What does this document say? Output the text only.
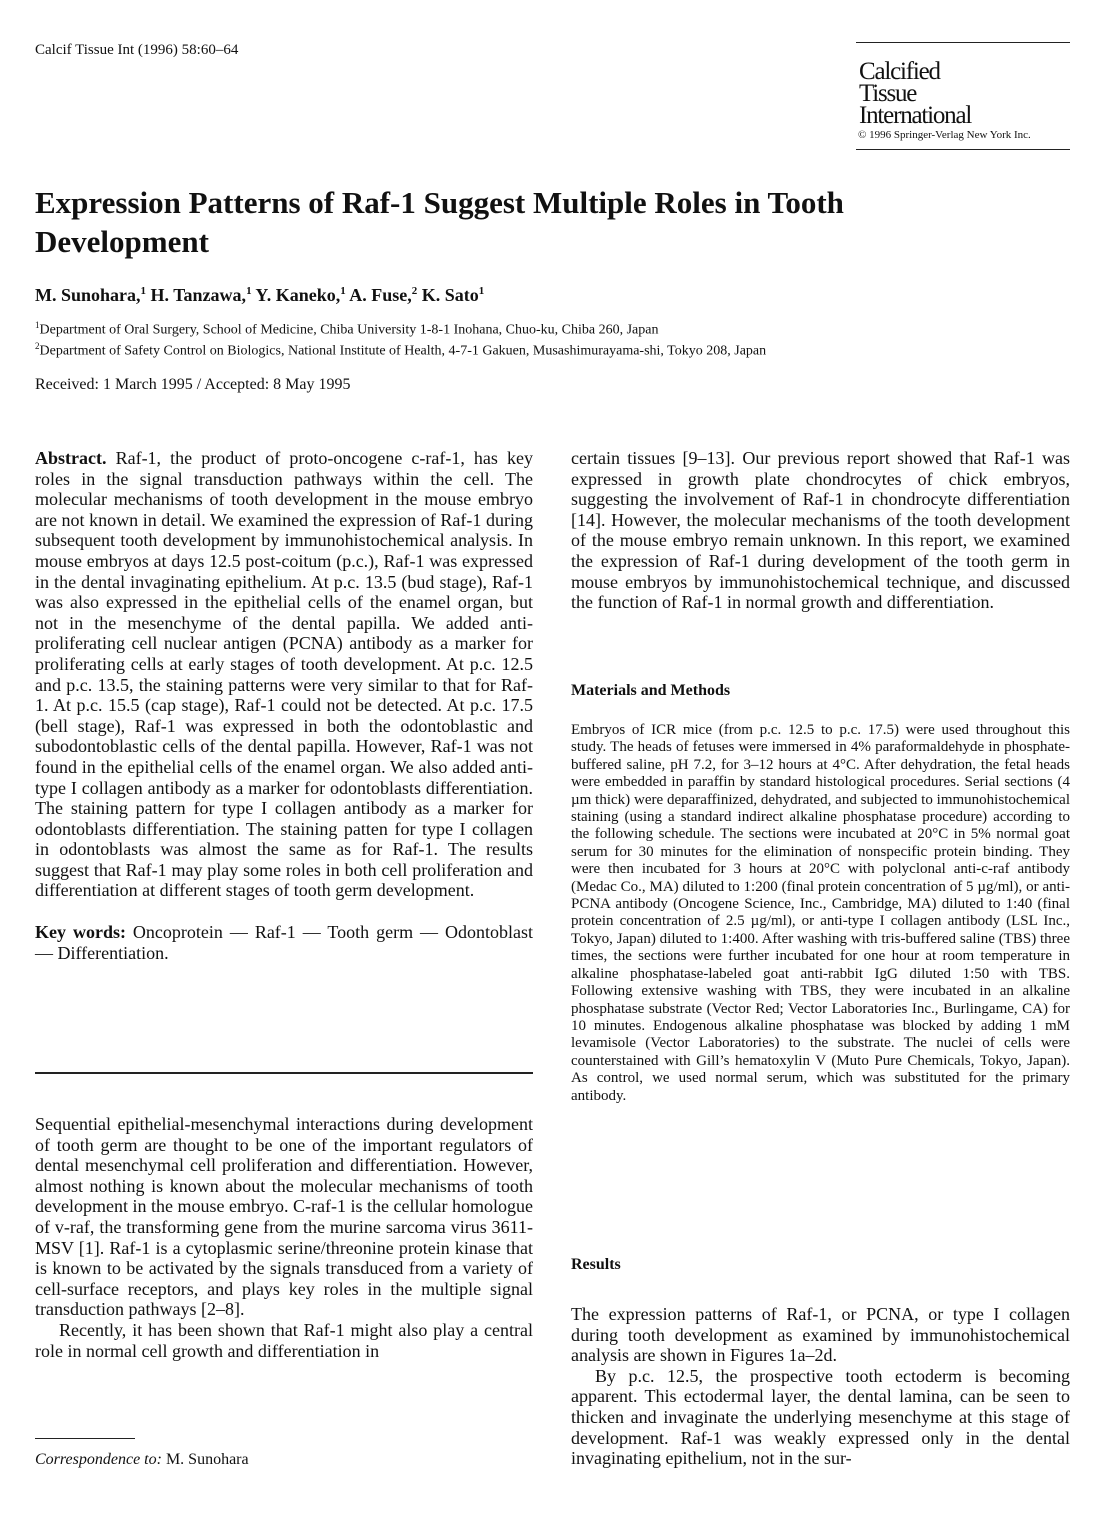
Calcif Tissue Int (1996) 58:60–64
Calcified
Tissue
International
© 1996 Springer-Verlag New York Inc.
Expression Patterns of Raf-1 Suggest Multiple Roles in Tooth Development
M. Sunohara,$^1$ H. Tanzawa,$^1$ Y. Kaneko,$^1$ A. Fuse,$^2$ K. Sato$^1$
$^1$Department of Oral Surgery, School of Medicine, Chiba University 1-8-1 Inohana, Chuo-ku, Chiba 260, Japan
$^2$Department of Safety Control on Biologics, National Institute of Health, 4-7-1 Gakuen, Musashimurayama-shi, Tokyo 208, Japan
Received: 1 March 1995 / Accepted: 8 May 1995

Abstract. Raf-1, the product of proto-oncogene c-raf-1, has key roles in the signal transduction pathways within the cell. The molecular mechanisms of tooth development in the mouse embryo are not known in detail. We examined the expression of Raf-1 during subsequent tooth development by immunohistochemical analysis. In mouse embryos at days 12.5 post-coitum (p.c.), Raf-1 was expressed in the dental invaginating epithelium. At p.c. 13.5 (bud stage), Raf-1 was also expressed in the epithelial cells of the enamel organ, but not in the mesenchyme of the dental papilla. We added anti-proliferating cell nuclear antigen (PCNA) antibody as a marker for proliferating cells at early stages of tooth development. At p.c. 12.5 and p.c. 13.5, the staining patterns were very similar to that for Raf-1. At p.c. 15.5 (cap stage), Raf-1 could not be detected. At p.c. 17.5 (bell stage), Raf-1 was expressed in both the odontoblastic and subodontoblastic cells of the dental papilla. However, Raf-1 was not found in the epithelial cells of the enamel organ. We also added anti-type I collagen antibody as a marker for odontoblasts differentiation. The staining pattern for type I collagen antibody as a marker for odontoblasts differentiation. The staining patten for type I collagen in odontoblasts was almost the same as for Raf-1. The results suggest that Raf-1 may play some roles in both cell proliferation and differentiation at different stages of tooth germ development.

Key words: Oncoprotein — Raf-1 — Tooth germ — Odontoblast — Differentiation.

Sequential epithelial-mesenchymal interactions during development of tooth germ are thought to be one of the important regulators of dental mesenchymal cell proliferation and differentiation. However, almost nothing is known about the molecular mechanisms of tooth development in the mouse embryo. C-raf-1 is the cellular homologue of v-raf, the transforming gene from the murine sarcoma virus 3611-MSV [1]. Raf-1 is a cytoplasmic serine/threonine protein kinase that is known to be activated by the signals transduced from a variety of cell-surface receptors, and plays key roles in the multiple signal transduction pathways [2–8].

Recently, it has been shown that Raf-1 might also play a central role in normal cell growth and differentiation in

Correspondence to: M. Sunohara

certain tissues [9–13]. Our previous report showed that Raf-1 was expressed in growth plate chondrocytes of chick embryos, suggesting the involvement of Raf-1 in chondrocyte differentiation [14]. However, the molecular mechanisms of the tooth development of the mouse embryo remain unknown. In this report, we examined the expression of Raf-1 during development of the tooth germ in mouse embryos by immunohistochemical technique, and discussed the function of Raf-1 in normal growth and differentiation.

Materials and Methods

Embryos of ICR mice (from p.c. 12.5 to p.c. 17.5) were used throughout this study. The heads of fetuses were immersed in 4% paraformaldehyde in phosphate-buffered saline, pH 7.2, for 3–12 hours at 4°C. After dehydration, the fetal heads were embedded in paraffin by standard histological procedures. Serial sections (4 µm thick) were deparaffinized, dehydrated, and subjected to immunohistochemical staining (using a standard indirect alkaline phosphatase procedure) according to the following schedule. The sections were incubated at 20°C in 5% normal goat serum for 30 minutes for the elimination of nonspecific protein binding. They were then incubated for 3 hours at 20°C with polyclonal anti-c-raf antibody (Medac Co., MA) diluted to 1:200 (final protein concentration of 5 µg/ml), or anti-PCNA antibody (Oncogene Science, Inc., Cambridge, MA) diluted to 1:40 (final protein concentration of 2.5 µg/ml), or anti-type I collagen antibody (LSL Inc., Tokyo, Japan) diluted to 1:400. After washing with tris-buffered saline (TBS) three times, the sections were further incubated for one hour at room temperature in alkaline phosphatase-labeled goat anti-rabbit IgG diluted 1:50 with TBS. Following extensive washing with TBS, they were incubated in an alkaline phosphatase substrate (Vector Red; Vector Laboratories Inc., Burlingame, CA) for 10 minutes. Endogenous alkaline phosphatase was blocked by adding 1 mM levamisole (Vector Laboratories) to the substrate. The nuclei of cells were counterstained with Gill’s hematoxylin V (Muto Pure Chemicals, Tokyo, Japan). As control, we used normal serum, which was substituted for the primary antibody.

Results

The expression patterns of Raf-1, or PCNA, or type I collagen during tooth development as examined by immunohistochemical analysis are shown in Figures 1a–2d.

By p.c. 12.5, the prospective tooth ectoderm is becoming apparent. This ectodermal layer, the dental lamina, can be seen to thicken and invaginate the underlying mesenchyme at this stage of development. Raf-1 was weakly expressed only in the dental invaginating epithelium, not in the sur-
